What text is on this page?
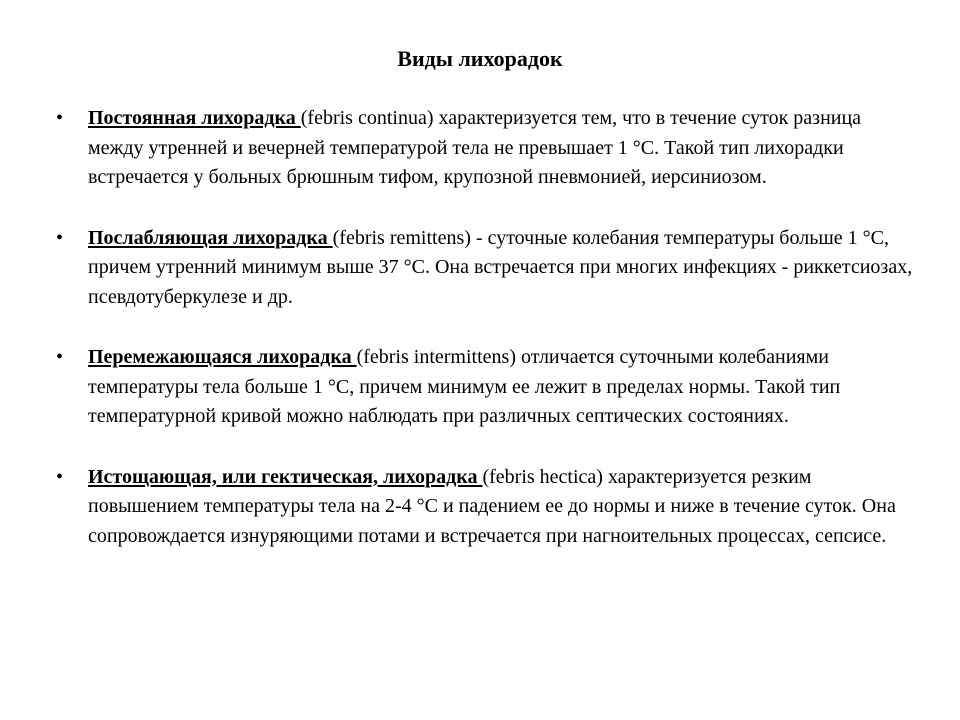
Виды лихорадок
•	Постоянная лихорадка (febris continua) характеризуется тем, что в течение суток разница между утренней и вечерней температурой тела не превышает 1 °С. Такой тип лихорадки встречается у больных брюшным тифом, крупозной пневмонией, иерсиниозом.
•	Послабляющая лихорадка (febris remittens) - суточные колебания температуры больше 1 °С, причем утренний минимум выше 37 °С. Она встречается при многих инфекциях - риккетсиозах, псевдотуберкулезе и др.
•	Перемежающаяся лихорадка (febris intermittens) отличается суточными колебаниями температуры тела больше 1 °С, причем минимум ее лежит в пределах нормы. Такой тип температурной кривой можно наблюдать при различных септических состояниях.
•	Истощающая, или гектическая, лихорадка (febris hectica) характеризуется резким повышением температуры тела на 2-4 °С и падением ее до нормы и ниже в течение суток. Она сопровождается изнуряющими потами и встречается при нагноительных процессах, сепсисе.
